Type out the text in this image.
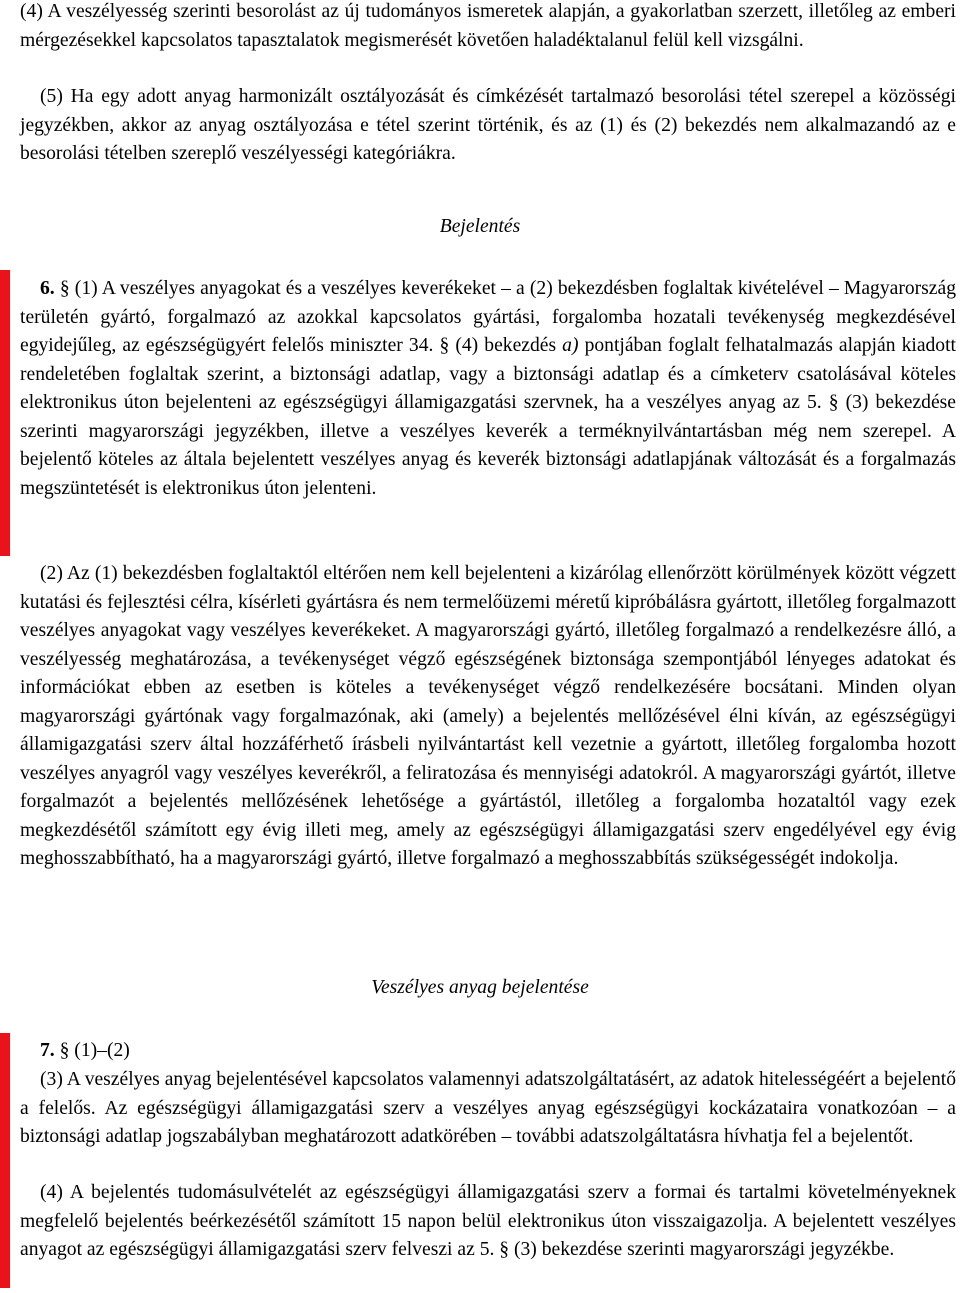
(4) A veszélyesség szerinti besorolást az új tudományos ismeretek alapján, a gyakorlatban szerzett, illetőleg az emberi mérgezésekkel kapcsolatos tapasztalatok megismerését követően haladéktalanul felül kell vizsgálni.

(5) Ha egy adott anyag harmonizált osztályozását és címkézését tartalmazó besorolási tétel szerepel a közösségi jegyzékben, akkor az anyag osztályozása e tétel szerint történik, és az (1) és (2) bekezdés nem alkalmazandó az e besorolási tételben szereplő veszélyességi kategóriákra.

Bejelentés

6. § (1) A veszélyes anyagokat és a veszélyes keverékeket – a (2) bekezdésben foglaltak kivételével – Magyarország területén gyártó, forgalmazó az azokkal kapcsolatos gyártási, forgalomba hozatali tevékenység megkezdésével egyidejűleg, az egészségügyért felelős miniszter 34. § (4) bekezdés a) pontjában foglalt felhatalmazás alapján kiadott rendeletében foglaltak szerint, a biztonsági adatlap, vagy a biztonsági adatlap és a címketerv csatolásával köteles elektronikus úton bejelenteni az egészségügyi államigazgatási szervnek, ha a veszélyes anyag az 5. § (3) bekezdése szerinti magyarországi jegyzékben, illetve a veszélyes keverék a terméknyilvántartásban még nem szerepel. A bejelentő köteles az általa bejelentett veszélyes anyag és keverék biztonsági adatlapjának változását és a forgalmazás megszüntetését is elektronikus úton jelenteni.

(2) Az (1) bekezdésben foglaltaktól eltérően nem kell bejelenteni a kizárólag ellenőrzött körülmények között végzett kutatási és fejlesztési célra, kísérleti gyártásra és nem termelőüzemi méretű kipróbálásra gyártott, illetőleg forgalmazott veszélyes anyagokat vagy veszélyes keverékeket. A magyarországi gyártó, illetőleg forgalmazó a rendelkezésre álló, a veszélyesség meghatározása, a tevékenységet végző egészségének biztonsága szempontjából lényeges adatokat és információkat ebben az esetben is köteles a tevékenységet végző rendelkezésére bocsátani. Minden olyan magyarországi gyártónak vagy forgalmazónak, aki (amely) a bejelentés mellőzésével élni kíván, az egészségügyi államigazgatási szerv által hozzáférhető írásbeli nyilvántartást kell vezetnie a gyártott, illetőleg forgalomba hozott veszélyes anyagról vagy veszélyes keverékről, a feliratozása és mennyiségi adatokról. A magyarországi gyártót, illetve forgalmazót a bejelentés mellőzésének lehetősége a gyártástól, illetőleg a forgalomba hozataltól vagy ezek megkezdésétől számított egy évig illeti meg, amely az egészségügyi államigazgatási szerv engedélyével egy évig meghosszabbítható, ha a magyarországi gyártó, illetve forgalmazó a meghosszabbítás szükségességét indokolja.

Veszélyes anyag bejelentése

7. § (1)–(2)

(3) A veszélyes anyag bejelentésével kapcsolatos valamennyi adatszolgáltatásért, az adatok hitelességéért a bejelentő a felelős. Az egészségügyi államigazgatási szerv a veszélyes anyag egészségügyi kockázataira vonatkozóan – a biztonsági adatlap jogszabályban meghatározott adatkörében – további adatszolgáltatásra hívhatja fel a bejelentőt.

(4) A bejelentés tudomásulvételét az egészségügyi államigazgatási szerv a formai és tartalmi követelményeknek megfelelő bejelentés beérkezésétől számított 15 napon belül elektronikus úton visszaigazolja. A bejelentett veszélyes anyagot az egészségügyi államigazgatási szerv felveszi az 5. § (3) bekezdése szerinti magyarországi jegyzékbe.
